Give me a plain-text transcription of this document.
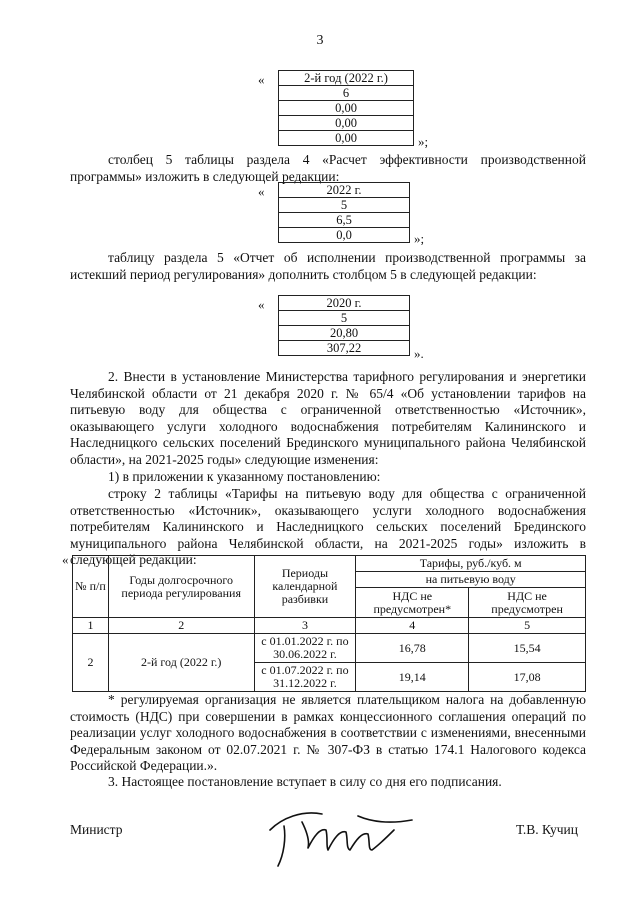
3
«	2-й год (2022 г.)
6
0,00
0,00
0,00	»;
столбец 5 таблицы раздела 4 «Расчет эффективности производственной программы» изложить в следующей редакции:
«	2022 г.
5
6,5
0,0	»;
таблицу раздела 5 «Отчет об исполнении производственной программы за истекший период регулирования» дополнить столбцом 5 в следующей редакции:
«	2020 г.
5
20,80
307,22	».
2. Внести в установление Министерства тарифного регулирования и энергетики Челябинской области от 21 декабря 2020 г. № 65/4 «Об установлении тарифов на питьевую воду для общества с ограниченной ответственностью «Источник», оказывающего услуги холодного водоснабжения потребителям Калининского и Наследницкого сельских поселений Брединского муниципального района Челябинской области», на 2021-2025 годы» следующие изменения:
1) в приложении к указанному постановлению:
строку 2 таблицы «Тарифы на питьевую воду для общества с ограниченной ответственностью «Источник», оказывающего услуги холодного водоснабжения потребителям Калининского и Наследницкого сельских поселений Брединского муниципального района Челябинской области, на 2021-2025 годы» изложить в следующей редакции:
«
№ п/п	Годы долгосрочного периода регулирования	Периоды календарной разбивки	Тарифы, руб./куб. м	
			на питьевую воду	
			НДС не предусмотрен*	НДС не предусмотрен
1	2	3	4	5
2	2-й год (2022 г.)	с 01.01.2022 г. по 30.06.2022 г.	16,78	15,54
		с 01.07.2022 г. по 31.12.2022 г.	19,14	17,08
* регулируемая организация не является плательщиком налога на добавленную стоимость (НДС) при совершении в рамках концессионного соглашения операций по реализации услуг холодного водоснабжения в соответствии с изменениями, внесенными Федеральным законом от 02.07.2021 г. № 307-ФЗ в статью 174.1 Налогового кодекса Российской Федерации.».
3. Настоящее постановление вступает в силу со дня его подписания.
Министр	Т.В. Кучиц
